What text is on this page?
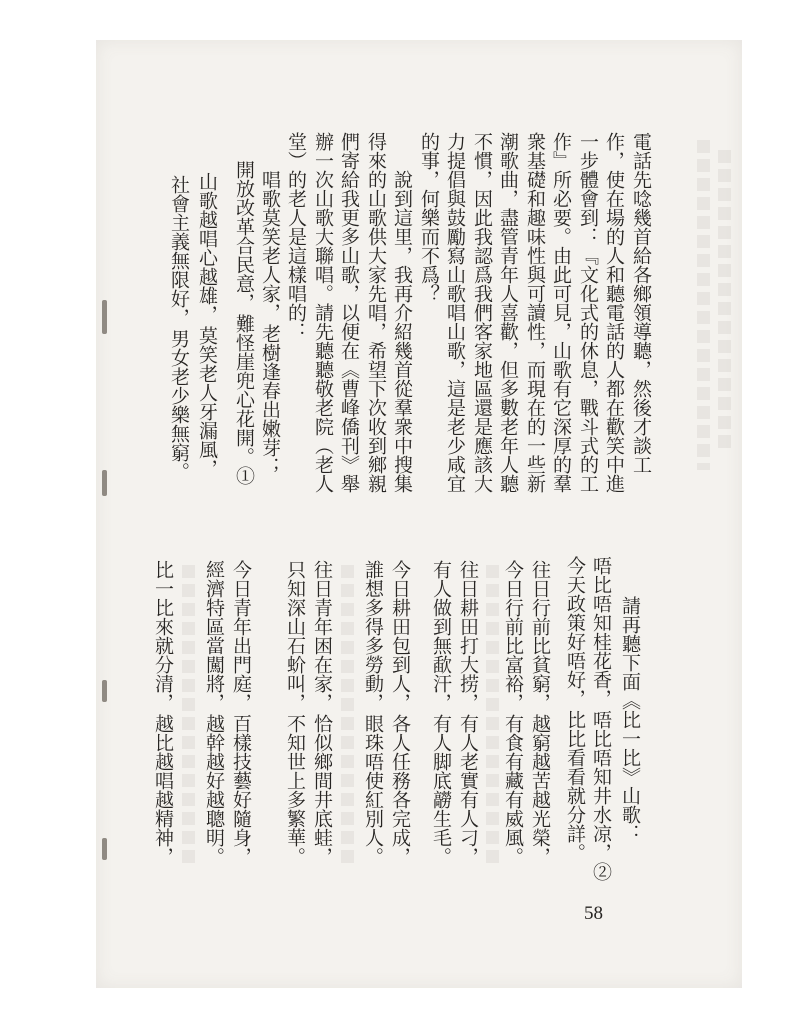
電話先唸幾首給各鄉領導聽，然後才談工
作，使在場的人和聽電話的人都在歡笑中進
一步體會到：『文化式的休息，戰斗式的工
作』所必要。由此可見，山歌有它深厚的羣
衆基礎和趣味性與可讀性，而現在的一些新
潮歌曲，盡管青年人喜歡，但多數老年人聽
不慣，因此我認爲我們客家地區還是應該大
力提倡與鼓勵寫山歌唱山歌，這是老少咸宜
的事，何樂而不爲？
說到這里，我再介紹幾首從羣衆中搜集
得來的山歌供大家先唱，希望下次收到鄉親
們寄給我更多山歌，以便在《曹峰僑刊》舉
辦一次山歌大聯唱。請先聽聽敬老院（老人
堂）的老人是這樣唱的：
唱歌莫笑老人家，老樹逢春出嫩芽；
開放改革合民意，難怪崖兜心花開。①
山歌越唱心越雄，莫笑老人牙漏風，
社會主義無限好，男女老少樂無窮。
請再聽下面《比一比》山歌：
唔比唔知桂花香，唔比唔知井水凉，②
今天政策好唔好，比比看看就分詳。
往日行前比貧窮，越窮越苦越光榮，
今日行前比富裕，有食有藏有威風。
往日耕田打大捞，有人老實有人刁，
有人做到無歃汗，有人脚底髝生毛。
今日耕田包到人，各人任務各完成，
誰想多得多勞動，眼珠唔使紅別人。
往日青年困在家，恰似鄉間井底蛙，
只知深山石蚧叫，不知世上多繁華。
今日青年出門庭，百樣技藝好隨身，
經濟特區當闖將，越幹越好越聰明。
比一比來就分清，越比越唱越精神，
58
